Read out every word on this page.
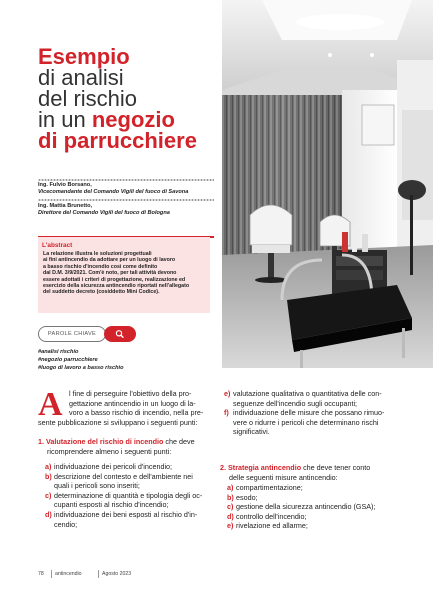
Esempio
di analisi
del rischio
in un negozio
di parrucchiere
Ing. Fulvio Borsano,
Vicecomandante del Comando Vigili del fuoco di Savona
Ing. Mattia Brunetto,
Direttore del Comando Vigili del fuoco di Bologna
L'abstract
La relazione illustra le soluzioni progettuali
ai fini antincendio da adottare per un luogo di lavoro
a basso rischio d'incendio così come definito
dal D.M. 3/9/2021. Com'è noto, per tali attività devono
essere adottati i criteri di progettazione, realizzazione ed
esercizio della sicurezza antincendio riportati nell'allegato
del suddetto decreto (cosiddetto Mini Codice).
PAROLE CHIAVE
#analisi rischio
#negozio parrucchiere
#luogo di lavoro a basso rischio
A l fine di perseguire l'obiettivo della pro-
gettazione antincendio in un luogo di la-
voro a basso rischio di incendio, nella pre-
sente pubblicazione si sviluppano i seguenti punti:
1. Valutazione del rischio di incendio che deve
ricomprendere almeno i seguenti punti:
a) individuazione dei pericoli d'incendio;
b) descrizione del contesto e dell'ambiente nei
quali i pericoli sono inseriti;
c) determinazione di quantità e tipologia degli oc-
cupanti esposti al rischio d'incendio;
d) individuazione dei beni esposti al rischio d'in-
cendio;
e) valutazione qualitativa o quantitativa delle con-
seguenze dell'incendio sugli occupanti;
f) individuazione delle misure che possano rimuo-
vere o ridurre i pericoli che determinano rischi
significativi.
2. Strategia antincendio che deve tener conto
delle seguenti misure antincendio:
a) compartimentazione;
b) esodo;
c) gestione della sicurezza antincendio (GSA);
d) controllo dell'incendio;
e) rivelazione ed allarme;
78 antincendio	Agosto 2023
